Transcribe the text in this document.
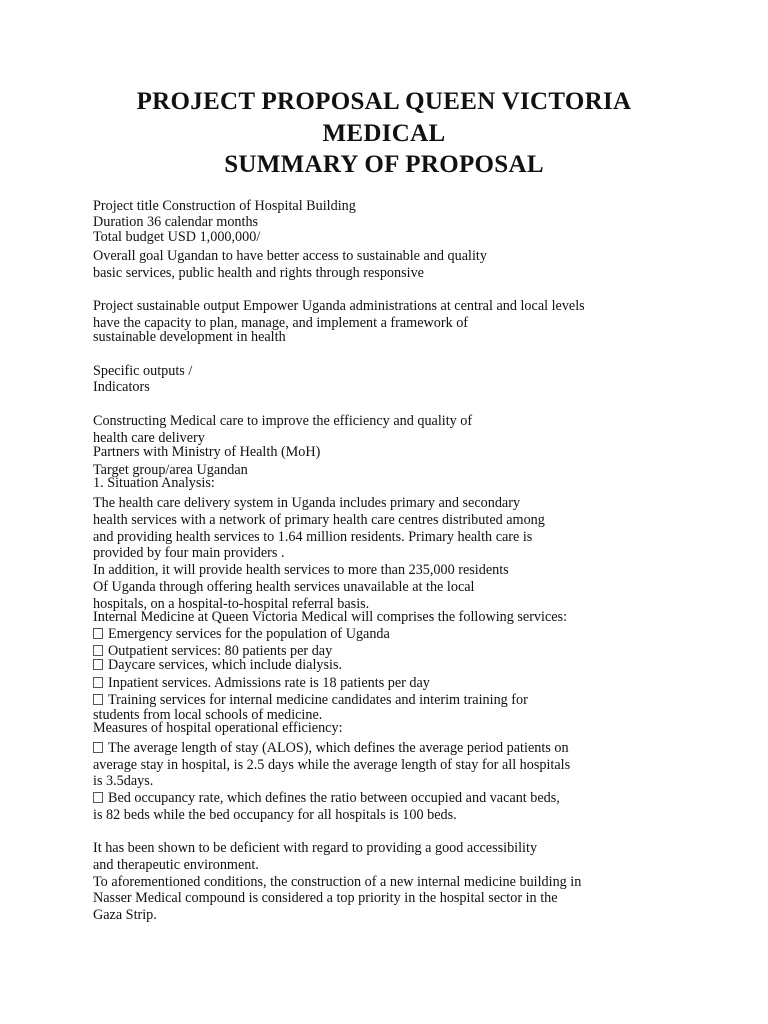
PROJECT PROPOSAL QUEEN VICTORIA
MEDICAL
SUMMARY OF PROPOSAL
Project title Construction of Hospital Building
Duration 36 calendar months
Total budget USD 1,000,000/
Overall goal Ugandan to have better access to sustainable and quality
basic services, public health and rights through responsive
Project sustainable output Empower Uganda administrations at central and local levels
have the capacity to plan, manage, and implement a framework of
sustainable development in health
Specific outputs /
Indicators
Constructing Medical care to improve the efficiency and quality of
health care delivery
Partners with Ministry of Health (MoH)
Target group/area Ugandan
1. Situation Analysis:
The health care delivery system in Uganda includes primary and secondary
health services with a network of primary health care centres distributed among
and providing health services to 1.64 million residents. Primary health care is
provided by four main providers .
In addition, it will provide health services to more than 235,000 residents
Of Uganda through offering health services unavailable at the local
hospitals, on a hospital-to-hospital referral basis.
Internal Medicine at Queen Victoria Medical will comprises the following services:
Emergency services for the population of Uganda
Outpatient services: 80 patients per day
Daycare services, which include dialysis.
Inpatient services. Admissions rate is 18 patients per day
Training services for internal medicine candidates and interim training for
students from local schools of medicine.
Measures of hospital operational efficiency:
The average length of stay (ALOS), which defines the average period patients on
average stay in hospital, is 2.5 days while the average length of stay for all hospitals
is 3.5days.
Bed occupancy rate, which defines the ratio between occupied and vacant beds,
is 82 beds while the bed occupancy for all hospitals is 100 beds.
It has been shown to be deficient with regard to providing a good accessibility
and therapeutic environment.
To aforementioned conditions, the construction of a new internal medicine building in
Nasser Medical compound is considered a top priority in the hospital sector in the
Gaza Strip.
